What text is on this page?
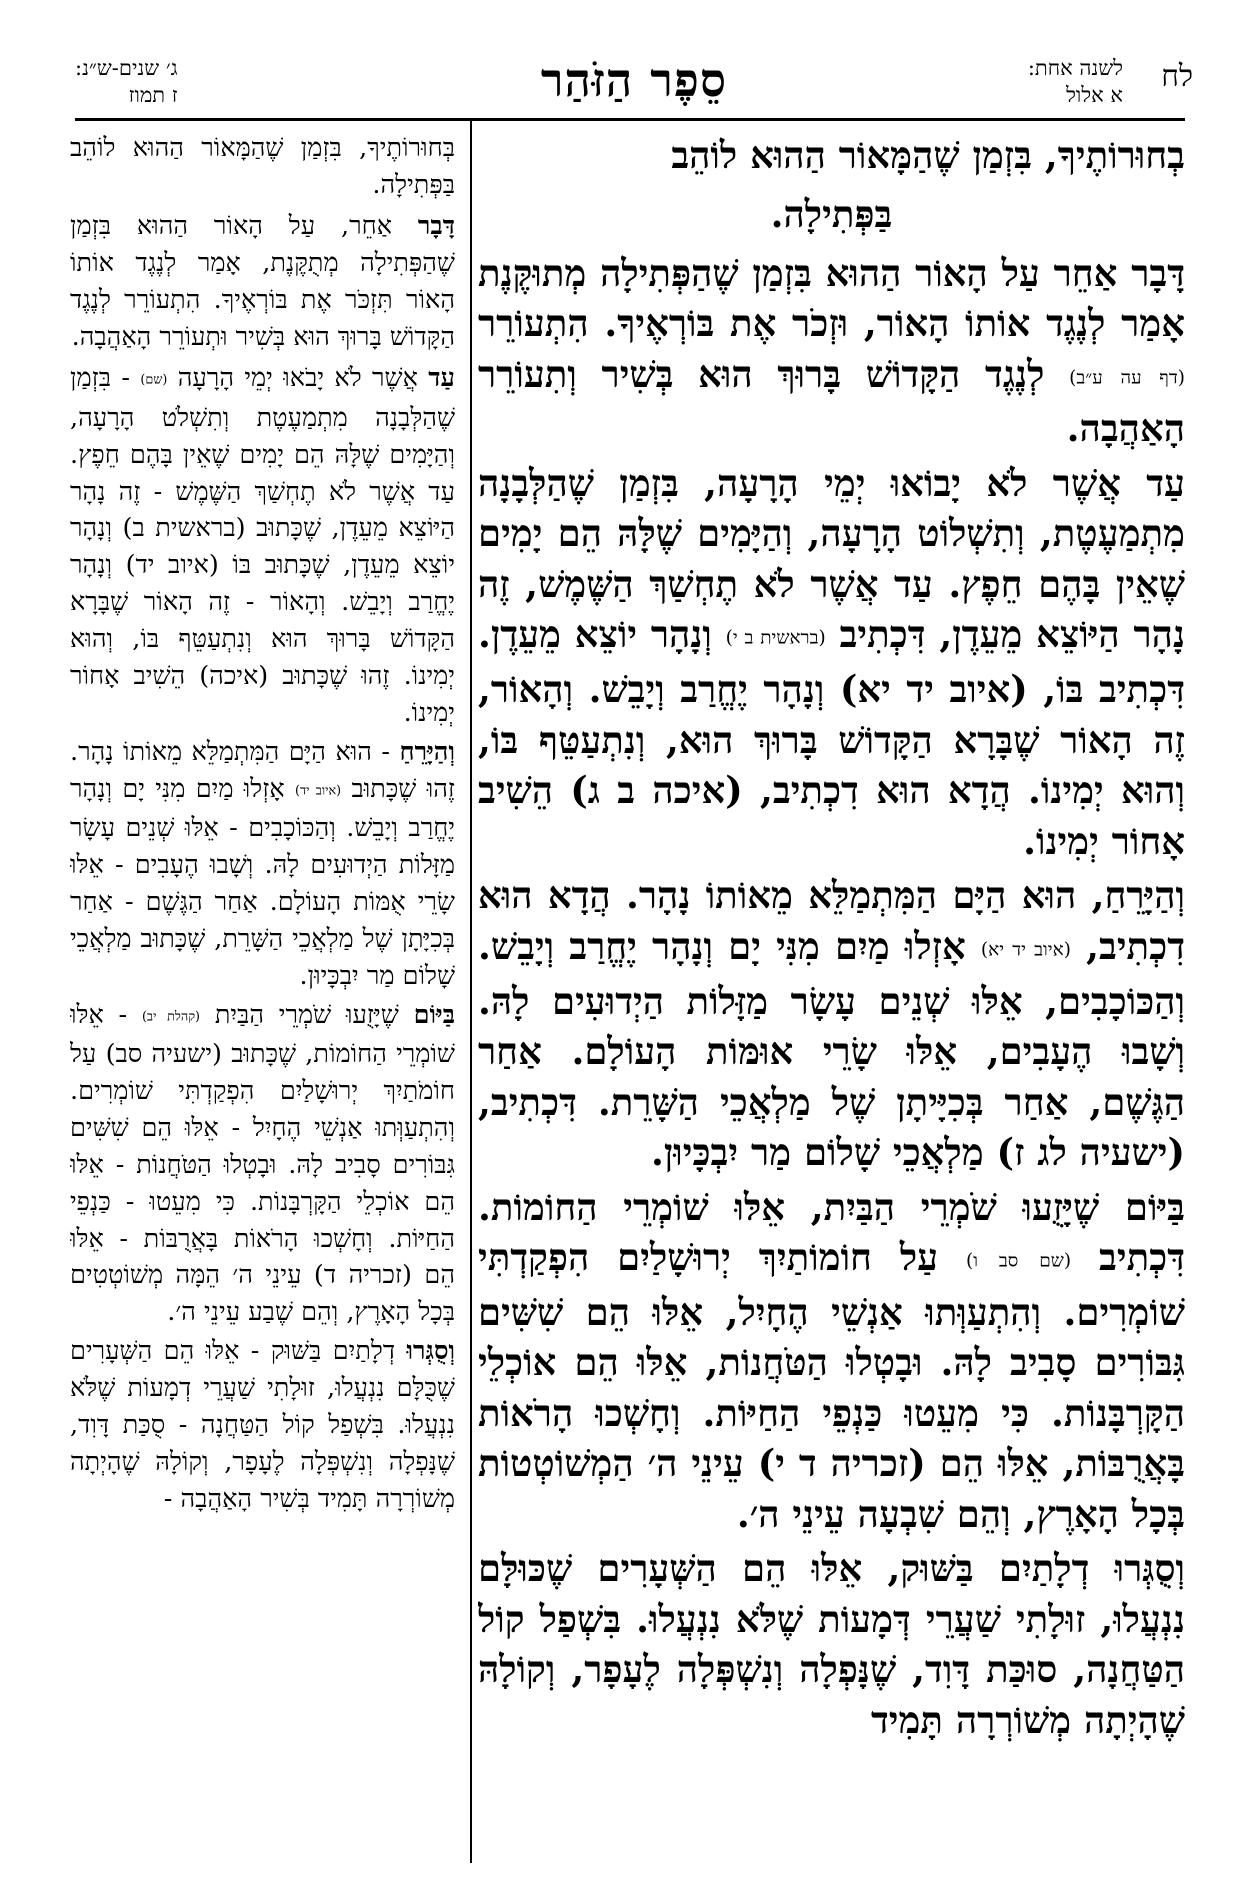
לח
לשנה אחת:
א אלול
סֵפֶר הַזֹּהַר
ג׳ שנים-ש״נ:
ז תמוז
בְחוּרוֹתֶיךָ, בִּזְמַן שֶׁהַמָּאוֹר הַהוּא לוֹהֵב
בַּפְּתִילָה.
דָּבָר אַחֵר עַל הָאוֹר הַהוּא בִּזְמַן שֶׁהַפְּתִילָה מְתוּקֶּנֶת אָמַר לְנֶגֶד אוֹתוֹ הָאוֹר, וּזְכֹר אֶת בּוֹרְאֶיךָ. הִתְעוֹרֵר (דף עה ע״ב) לְנֶגֶד הַקָּדוֹשׁ בָּרוּךְ הוּא בְּשִׁיר וְתִעוֹרֵר הָאַהֲבָה.
עַד אֲשֶׁר לֹא יָבוֹאוּ יְמֵי הָרָעָה, בִּזְמַן שֶׁהַלְּבָנָה מִתְמַעֶטֶת, וְתִשְׁלוֹט הָרָעָה, וְהַיָּמִים שֶׁלָּהּ הֵם יָמִים שֶׁאֵין בָּהֶם חֵפֶץ. עַד אֲשֶׁר לֹא תֶחְשַׁךְ הַשֶּׁמֶשׁ, זֶה נָהָר הַיּוֹצֵא מֵעֵדֶן, דִּכְתִיב (בראשית ב י) וְנָהָר יוֹצֵא מֵעֵדֶן. דִּכְתִיב בּוֹ, (איוב יד יא) וְנָהָר יֶחֱרַב וְיָבֵשׁ. וְהָאוֹר, זֶה הָאוֹר שֶׁבָּרָא הַקָּדוֹשׁ בָּרוּךְ הוּא, וְנִתְעַטֵּף בּוֹ, וְהוּא יְמִינוֹ. הֲדָא הוּא דִכְתִיב, (איכה ב ג) הֵשִׁיב אָחוֹר יְמִינוֹ.
וְהַיָּרֵחַ, הוּא הַיָּם הַמִּתְמַלֵּא מֵאוֹתוֹ נָהָר. הֲדָא הוּא דִכְתִיב, (איוב יד יא) אָזְלוּ מַיִם מִנִּי יָם וְנָהָר יֶחֱרַב וְיָבֵשׁ. וְהַכּוֹכָבִים, אֵלּוּ שְׁנֵים עָשָׂר מַזָּלוֹת הַיְדוּעִים לָהּ. וְשָׁבוּ הֶעָבִים, אֵלּוּ שָׂרֵי אוּמּוֹת הָעוֹלָם. אַחַר הַגֶּשֶׁם, אַחַר בְּכִיָּיתָן שֶׁל מַלְאֲכֵי הַשָּׁרֵת. דִּכְתִיב, (ישעיה לג ז) מַלְאֲכֵי שָׁלוֹם מַר יִבְכָּיוּן.
בַּיּוֹם שֶׁיָּזֻעוּ שֹׁמְרֵי הַבַּיִת, אֵלּוּ שׁוֹמְרֵי הַחוֹמוֹת. דִּכְתִיב (שם סב ו) עַל חוֹמוֹתַיִךְ יְרוּשָׁלַיִם הִפְקַדְתִּי שׁוֹמְרִים. וְהִתְעַוְּתוּ אַנְשֵׁי הֶחָיִל, אֵלּוּ הֵם שִׁשִּׁים גִּבּוֹרִים סָבִיב לָהּ. וּבָטְלוּ הַטֹּחֲנוֹת, אֵלּוּ הֵם אוֹכְלֵי הַקָּרְבָּנוֹת. כִּי מִעֵטוּ כַּנְפֵי הַחַיּוֹת. וְחָשְׁכוּ הָרֹאוֹת בָּאֲרֻבּוֹת, אֵלּוּ הֵם (זכריה ד י) עֵינֵי ה׳ הַמְשׁוֹטְטוֹת בְּכָל הָאָרֶץ, וְהֵם שִׁבְעָה עֵינֵי ה׳.
וְסֻגְּרוּ דְלָתַיִם בַּשּׁוּק, אֵלּוּ הֵם הַשְּׁעָרִים שֶׁכּוּלָּם נִנְעֲלוּ, זוּלָתִי שַׁעֲרֵי דְּמָעוֹת שֶׁלֹּא נִנְעֲלוּ. בִּשְׁפַל קוֹל הַטַּחֲנָה, סוּכַּת דָּוִד, שֶׁנָּפְלָה וְנִשְׁפְּלָה לֶעָפָר, וְקוֹלָהּ שֶׁהָיְתָה מְשׁוֹרְרָה תָּמִיד
בְּחוּרוֹתֶיךָ, בִּזְמַן שֶׁהַמָּאוֹר הַהוּא לוֹהֵב בַּפְּתִילָה.
דָּבָר אַחֵר, עַל הָאוֹר הַהוּא בִּזְמַן שֶׁהַפְּתִילָה מְתֻקֶּנֶת, אָמַר לְנֶגֶד אוֹתוֹ הָאוֹר תִּזְכֹּר אֶת בּוֹרְאֶיךָ. הִתְעוֹרֵר לְנֶגֶד הַקָּדוֹשׁ בָּרוּךְ הוּא בְּשִׁיר וּתְעוֹרֵר הָאַהֲבָה.
עַד אֲשֶׁר לֹא יָבֹאוּ יְמֵי הָרָעָה (שם) - בִּזְמַן שֶׁהַלְּבָנָה מִתְמַעֶטֶת וְתִשְׁלֹט הָרָעָה, וְהַיָּמִים שֶׁלָּהּ הֵם יָמִים שֶׁאֵין בָּהֶם חֵפֶץ. עַד אֲשֶׁר לֹא תֶחְשַׁךְ הַשֶּׁמֶשׁ - זֶה נָהָר הַיּוֹצֵא מֵעֵדֶן, שֶׁכָּתוּב (בראשית ב) וְנָהָר יוֹצֵא מֵעֵדֶן, שֶׁכָּתוּב בּוֹ (איוב יד) וְנָהָר יֶחֱרַב וְיָבֵשׁ. וְהָאוֹר - זֶה הָאוֹר שֶׁבָּרָא הַקָּדוֹשׁ בָּרוּךְ הוּא וְנִתְעַטֵּף בּוֹ, וְהוּא יְמִינוֹ. זֶהוּ שֶׁכָּתוּב (איכה) הֵשִׁיב אָחוֹר יְמִינוֹ.
וְהַיָּרֵחַ - הוּא הַיָּם הַמִּתְמַלֵּא מֵאוֹתוֹ נָהָר. זֶהוּ שֶׁכָּתוּב (איוב יד) אָזְלוּ מַיִם מִנִּי יָם וְנָהָר יֶחֱרַב וְיָבֵשׁ. וְהַכּוֹכָבִים - אֵלּוּ שְׁנֵים עָשָׂר מַזָּלוֹת הַיְדוּעִים לָהּ. וְשָׁבוּ הֶעָבִים - אֵלּוּ שָׂרֵי אֻמּוֹת הָעוֹלָם. אַחַר הַגֶּשֶׁם - אַחַר בְּכִיָּתָן שֶׁל מַלְאֲכֵי הַשָּׁרֵת, שֶׁכָּתוּב מַלְאֲכֵי שָׁלוֹם מַר יִבְכָּיוּן.
בַּיּוֹם שֶׁיָּזֻעוּ שֹׁמְרֵי הַבַּיִת (קהלת יב) - אֵלּוּ שׁוֹמְרֵי הַחוֹמוֹת, שֶׁכָּתוּב (ישעיה סב) עַל חוֹמֹתַיִךְ יְרוּשָׁלַיִם הִפְקַדְתִּי שׁוֹמְרִים. וְהִתְעַוְּתוּ אַנְשֵׁי הֶחָיִל - אֵלּוּ הֵם שִׁשִּׁים גִּבּוֹרִים סָבִיב לָהּ. וּבָטְלוּ הַטֹּחֲנוֹת - אֵלּוּ הֵם אוֹכְלֵי הַקָּרְבָּנוֹת. כִּי מִעֵטוּ - כַּנְפֵי הַחַיּוֹת. וְחָשְׁכוּ הָרֹאוֹת בָּאֲרֻבּוֹת - אֵלּוּ הֵם (זכריה ד) עֵינֵי ה׳ הֵמָּה מְשׁוֹטְטִים בְּכָל הָאָרֶץ, וְהֵם שֶׁבַע עֵינֵי ה׳.
וְסֻגְּרוּ דְלָתַיִם בַּשּׁוּק - אֵלּוּ הֵם הַשְּׁעָרִים שֶׁכֻּלָּם נִנְעֲלוּ, זוּלָתִי שַׁעֲרֵי דְמָעוֹת שֶׁלֹּא נִנְעֲלוּ. בִּשְׁפַל קוֹל הַטַּחֲנָה - סֻכַּת דָּוִד, שֶׁנָּפְלָה וְנִשְׁפְּלָה לֶעָפָר, וְקוֹלָהּ שֶׁהָיְתָה מְשׁוֹרְרָה תָּמִיד בְּשִׁיר הָאַהֲבָה -
